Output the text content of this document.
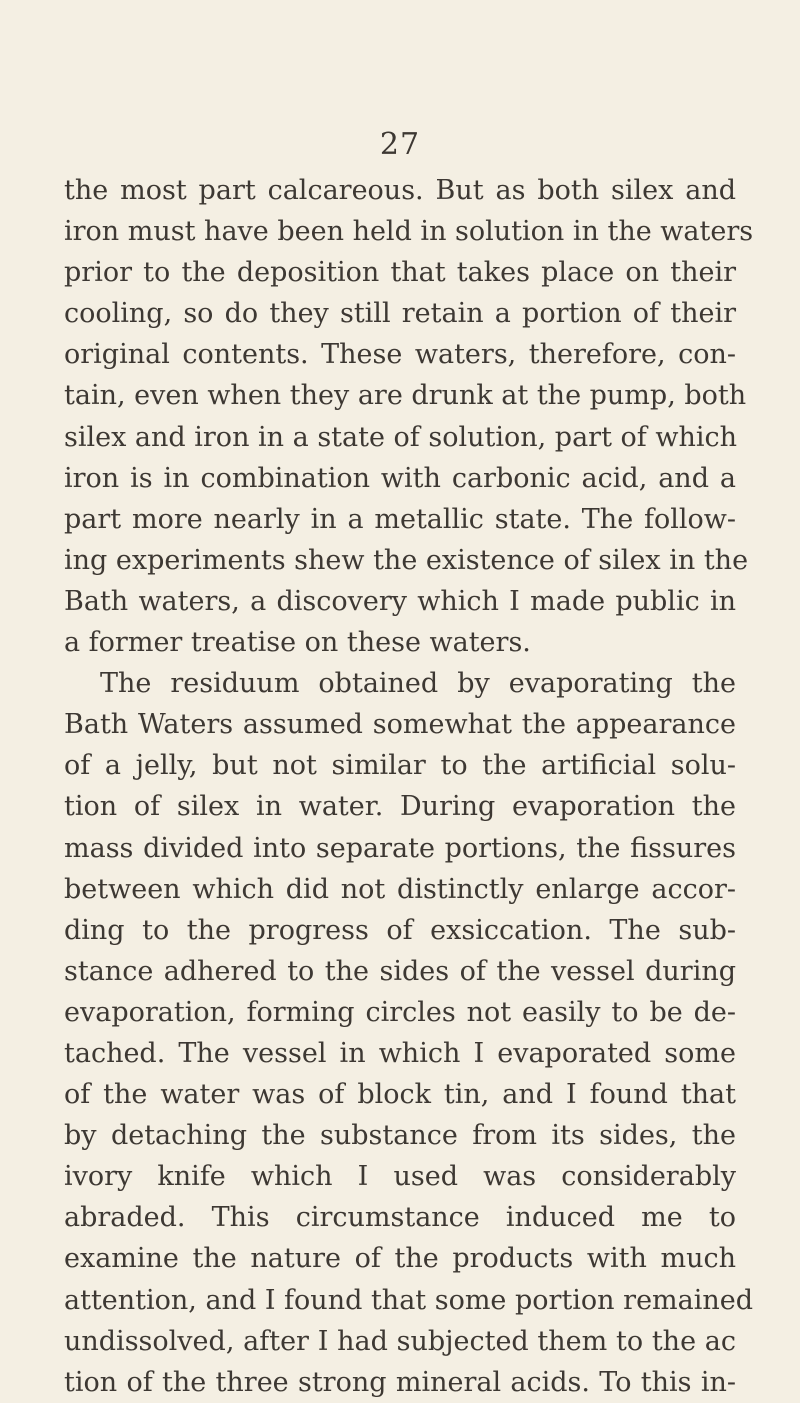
27
the most part calcareous. But as both silex and
iron must have been held in solution in the waters
prior to the deposition that takes place on their
cooling, so do they still retain a portion of their
original contents. These waters, therefore, con-
tain, even when they are drunk at the pump, both
silex and iron in a state of solution, part of which
iron is in combination with carbonic acid, and a
part more nearly in a metallic state. The follow-
ing experiments shew the existence of silex in the
Bath waters, a discovery which I made public in
a former treatise on these waters.
The residuum obtained by evaporating the
Bath Waters assumed somewhat the appearance
of a jelly, but not similar to the artificial solu-
tion of silex in water. During evaporation the
mass divided into separate portions, the fissures
between which did not distinctly enlarge accor-
ding to the progress of exsiccation. The sub-
stance adhered to the sides of the vessel during
evaporation, forming circles not easily to be de-
tached. The vessel in which I evaporated some
of the water was of block tin, and I found that
by detaching the substance from its sides, the
ivory knife which I used was considerably
abraded. This circumstance induced me to
examine the nature of the products with much
attention, and I found that some portion remained
undissolved, after I had subjected them to the ac
tion of the three strong mineral acids. To this in-
